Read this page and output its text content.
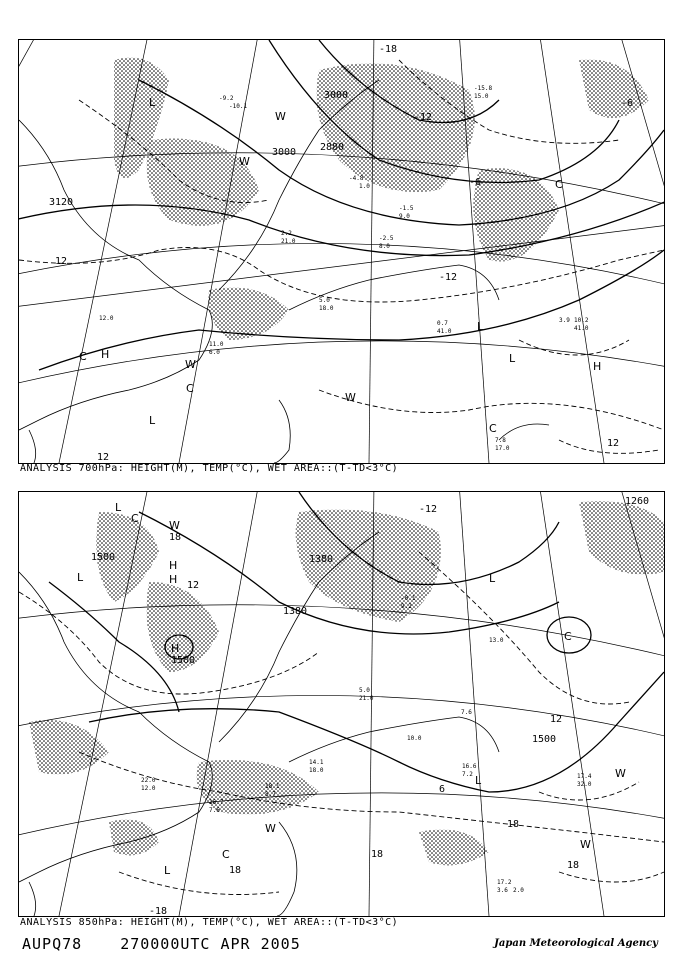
3000 2880
3120
3000
-18
-12
12
-12
12
12
-6
-6
W
W
C
H
C
L
C
L
W
W
H
L
C
L
-9.2
-10.1
-4.8
1.0
2.2
21.0
-1.5
9.0
5.0
18.0
0.7
41.0
-2.5
8.0
3.9 10.2
41.0
7.8
17.0
6.0
11.0
12.0
-15.8
15.0
ANALYSIS 700hPa: HEIGHT(M), TEMP(°C), WET AREA::(T-TD<3°C)
1500
1380
1500
1500
1260
1380
18
18
12
12
18
18
-18
18
6
-12
W
L	H
H
L
W
L
C
W
C
L
W
H
C
L
22.0
12.0
16.7
7.6
18.1
8.7
17.2
3.6 2.0
7.6
10.0
14.1
18.0
5.0
21.0
-0.1
9.2
17.4
32.0
16.6
7.2
13.0
ANALYSIS 850hPa: HEIGHT(M), TEMP(°C), WET AREA::(T-TD<3°C)
AUPQ78	270000UTC APR 2005	Japan Meteorological Agency
